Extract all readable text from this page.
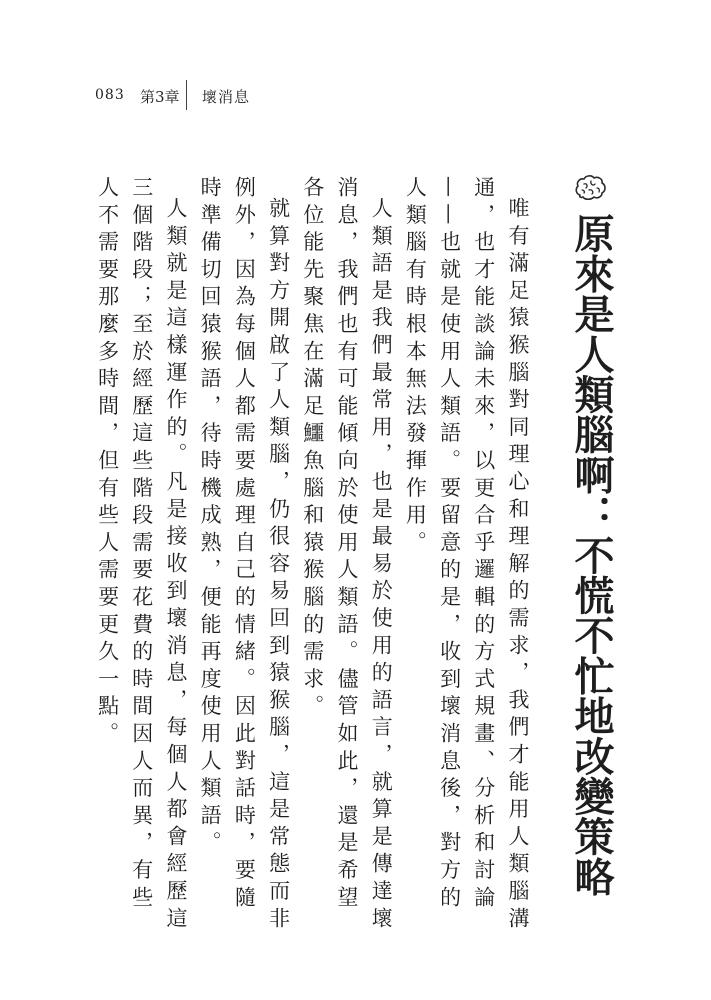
083 第3章 壞消息
原來是人類腦啊：不慌不忙地改變策略

唯有滿足猿猴腦對同理心和理解的需求，我們才能用人類腦溝通，也才能談論未來，以更合乎邏輯的方式規畫、分析和討論——也就是使用人類語。要留意的是，收到壞消息後，對方的人類腦有時根本無法發揮作用。

人類語是我們最常用，也是最易於使用的語言，就算是傳達壞消息，我們也有可能傾向於使用人類語。儘管如此，還是希望各位能先聚焦在滿足鱷魚腦和猿猴腦的需求。

就算對方開啟了人類腦，仍很容易回到猿猴腦，這是常態而非例外，因為每個人都需要處理自己的情緒。因此對話時，要隨時準備切回猿猴語，待時機成熟，便能再度使用人類語。

人類就是這樣運作的。凡是接收到壞消息，每個人都會經歷這三個階段；至於經歷這些階段需要花費的時間因人而異，有些人不需要那麼多時間，但有些人需要更久一點。
